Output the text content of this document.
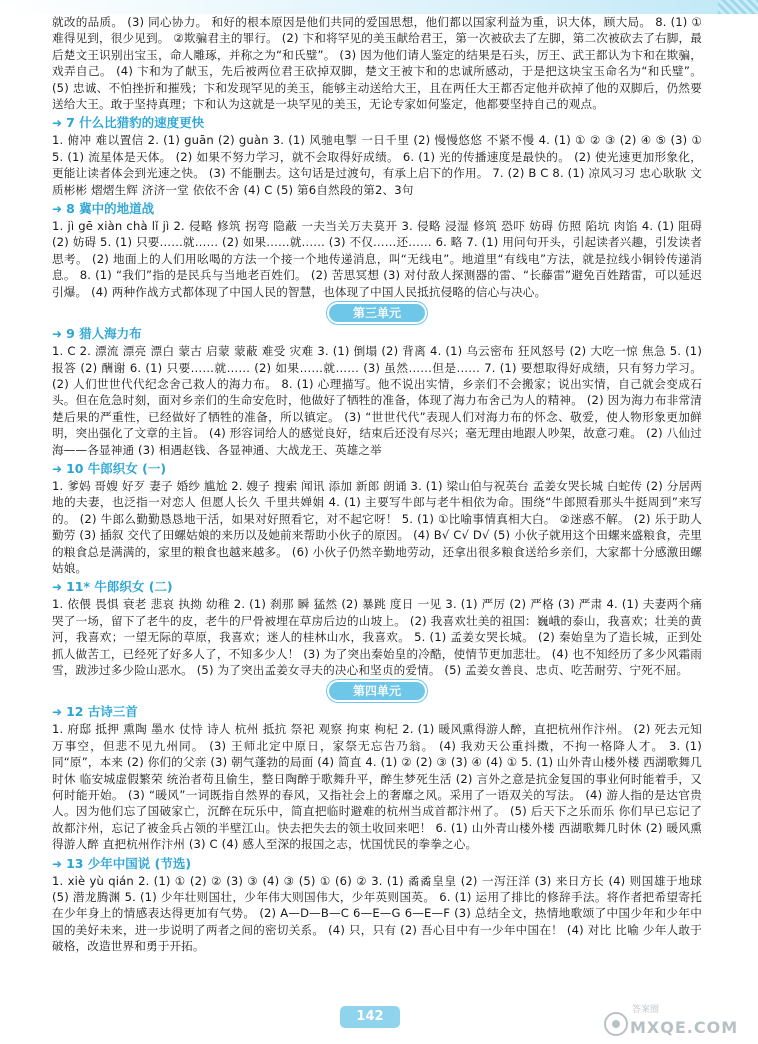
就改的品质。 (3) 同心协力。 和好的根本原因是他们共同的爱国思想，他们都以国家利益为重，识大体，顾大局。 8. (1) ①难得见到，很少见到。 ②欺骗君主的罪行。 (2) 卞和将罕见的美玉献给君王，第一次被砍去了左脚，第二次被砍去了右脚，最后楚文王识别出宝玉，命人雕琢，并称之为“和氏璧”。 (3) 因为他们请人鉴定的结果是石头，厉王、武王都认为卞和在欺骗，戏弄自己。 (4) 卞和为了献玉，先后被两位君王砍掉双脚，楚文王被卞和的忠诚所感动，于是把这块宝玉命名为“和氏璧”。 (5) 忠诚、不怕挫折和摧残；卞和发现罕见的美玉，能够主动送给大王，且在两任大王都否定他并砍掉了他的双脚后，仍然要送给大王。敢于坚持真理；卞和认为这就是一块罕见的美玉，无论专家如何鉴定，他都要坚持自己的观点。

➜ 7 什么比猎豹的速度更快

1. 俯冲 难以置信 2. (1) guān (2) guàn 3. (1) 风驰电掣 一日千里 (2) 慢慢悠悠 不紧不慢 4. (1) ① ② ③ (2) ④ ⑤ (3) ① 5. (1) 流星体是天体。 (2) 如果不努力学习，就不会取得好成绩。 6. (1) 光的传播速度是最快的。 (2) 使光速更加形象化，更能让读者体会到光速之快。 (3) 不能删去。这句话是过渡句，有承上启下的作用。 7. (2) B C 8. (1) 凉风习习 忠心耿耿 文质彬彬 熠熠生辉 济济一堂 依依不舍 (4) C (5) 第6自然段的第2、3句

➜ 8 冀中的地道战

1. jì gē xiàn chà lǐ jì 2. 侵略 修筑 拐弯 隐蔽 一夫当关万夫莫开 3. 侵略 浸湿 修筑 恐吓 妨碍 仿照 陷坑 肉馅 4. (1) 阻碍 (2) 妨碍 5. (1) 只要……就…… (2) 如果……就…… (3) 不仅……还…… 6. 略 7. (1) 用问句开头，引起读者兴趣，引发读者思考。 (2) 地面上的人们用吆喝的方法一个接一个地传递消息，叫“无线电”。地道里“有线电”方法，就是拉线小铜铃传递消息。 8. (1) “我们”指的是民兵与当地老百姓们。 (2) 苦思冥想 (3) 对付敌人探测器的雷、“长藤雷”避免百姓踏雷，可以延迟引爆。 (4) 两种作战方式都体现了中国人民的智慧，也体现了中国人民抵抗侵略的信心与决心。

第三单元
➜ 9 猎人海力布

1. C 2. 漂流 漂亮 漂白 蒙古 启蒙 蒙蔽 难受 灾难 3. (1) 倒塌 (2) 背离 4. (1) 乌云密布 狂风怒号 (2) 大吃一惊 焦急 5. (1) 报答 (2) 酬谢 6. (1) 只要……就…… (2) 如果……就…… (3) 虽然……但是…… 7. (1) 要想取得好成绩，只有努力学习。 (2) 人们世世代代纪念舍己救人的海力布。 8. (1) 心理描写。他不说出实情，乡亲们不会搬家；说出实情，自己就会变成石头。但在危急时刻，面对乡亲们的生命安危时，他做好了牺牲的准备，体现了海力布舍己为人的精神。 (2) 因为海力布非常清楚后果的严重性，已经做好了牺牲的准备，所以镇定。 (3) “世世代代”表现人们对海力布的怀念、敬爱，使人物形象更加鲜明，突出强化了文章的主旨。 (4) 形容词给人的感觉良好，结束后还没有尽兴；毫无理由地跟人吵架，故意刁难。 (2) 八仙过海——各显神通 (3) 相遇赵钱、各显神通、大战龙王、英雄之举

➜ 10 牛郎织女 (一)

1. 爹妈 哥嫂 好歹 妻子 婚纱 尴尬 2. 嫂子 搜索 闻讯 添加 新郎 朗诵 3. (1) 梁山伯与祝英台 孟姜女哭长城 白蛇传 (2) 分居两地的夫妻，也泛指一对恋人 但愿人长久 千里共婵娟 4. (1) 主要写牛郎与老牛相依为命。围绕“牛郎照看那头牛挺周到”来写的。 (2) 牛郎么勤勤恳恳地干活，如果对好照看它，对不起它呀！ 5. (1) ①比喻事情真相大白。 ②迷惑不解。 (2) 乐于助人 勤劳 (3) 插叙 交代了田螺姑娘的来历以及她前来帮助小伙子的原因。 (4) B√ C√ D√ (5) 小伙子就用这个田螺来盛粮食，壳里的粮食总是满满的，家里的粮食也越来越多。 (6) 小伙子仍然辛勤地劳动，还拿出很多粮食送给乡亲们，大家都十分感激田螺姑娘。

➜ 11* 牛郎织女 (二)

1. 依偎 畏惧 衰老 悲哀 执拗 幼稚 2. (1) 刹那 瞬 猛然 (2) 暴跳 度日 一见 3. (1) 严厉 (2) 严格 (3) 严肃 4. (1) 夫妻两个痛哭了一场，留下了老牛的皮，老牛的尸骨被埋在草房后边的山坡上。 (2) 我喜欢壮美的祖国：巍峨的泰山，我喜欢；壮美的黄河，我喜欢；一望无际的草原，我喜欢；迷人的桂林山水，我喜欢。 5. (1) 孟姜女哭长城。 (2) 秦始皇为了造长城，正到处抓人做苦工，已经死了好多人了，不知多少人！ (3) 为了突出秦始皇的冷酷，使情节更加悲壮。 (4) 也不知经历了多少风霜雨雪，跋涉过多少险山恶水。 (5) 为了突出孟姜女寻夫的决心和坚贞的爱情。 (5) 孟姜女善良、忠贞、吃苦耐劳、宁死不屈。

第四单元
➜ 12 古诗三首

1. 府邸 抵押 熏陶 墨水 仗恃 诗人 杭州 抵抗 祭祀 观察 拘束 枸杞 2. (1) 暖风熏得游人醉，直把杭州作汴州。 (2) 死去元知万事空，但悲不见九州同。 (3) 王师北定中原日，家祭无忘告乃翁。 (4) 我劝天公重抖擞，不拘一格降人才。 3. (1) 同“原”，本来 (2) 你们的父亲 (3) 朝气蓬勃的局面 (4) 简直 4. (1) ② (2) ③ (3) ④ (4) ① 5. (1) 山外青山楼外楼 西湖歌舞几时休 临安城虚假繁荣 统治者苟且偷生，整日陶醉于歌舞升平，醉生梦死生活 (2) 言外之意是抗金复国的事业何时能着手，又何时能开始。 (3) “暖风”一词既指自然界的春风，又指社会上的奢靡之风。采用了一语双关的写法。 (4) 游人指的是达官贵人。因为他们忘了国破家亡，沉醉在玩乐中，简直把临时避难的杭州当成首都汴州了。 (5) 后天下之乐而乐 你们早已忘记了故都汴州，忘记了被金兵占领的半壁江山。快去把失去的领土收回来吧！ 6. (1) 山外青山楼外楼 西湖歌舞几时休 (2) 暖风熏得游人醉 直把杭州作汴州 (3) C (4) 感人至深的报国之志，忧国忧民的拳拳之心。

➜ 13 少年中国说 (节选)

1. xiè yù qián 2. (1) ① (2) ② (3) ③ (4) ③ (5) ① (6) ② 3. (1) 矞矞皇皇 (2) 一泻汪洋 (3) 来日方长 (4) 则国雄于地球 (5) 潜龙腾渊 5. (1) 少年壮则国壮，少年伟大则国伟大，少年英则国英。 6. (1) 运用了排比的修辞手法。将作者把希望寄托在少年身上的情感表达得更加有气势。 (2) A—D—B—C 6—E—G 6—E—F (3) 总结全文，热情地歌颂了中国少年和少年中国的美好未来，进一步说明了两者之间的密切关系。 (4) 只，只有 (2) 吾心目中有一少年中国在！ (4) 对比 比喻 少年人敢于破格，改造世界和勇于开拓。

142	答案圈
MXQE.COM
